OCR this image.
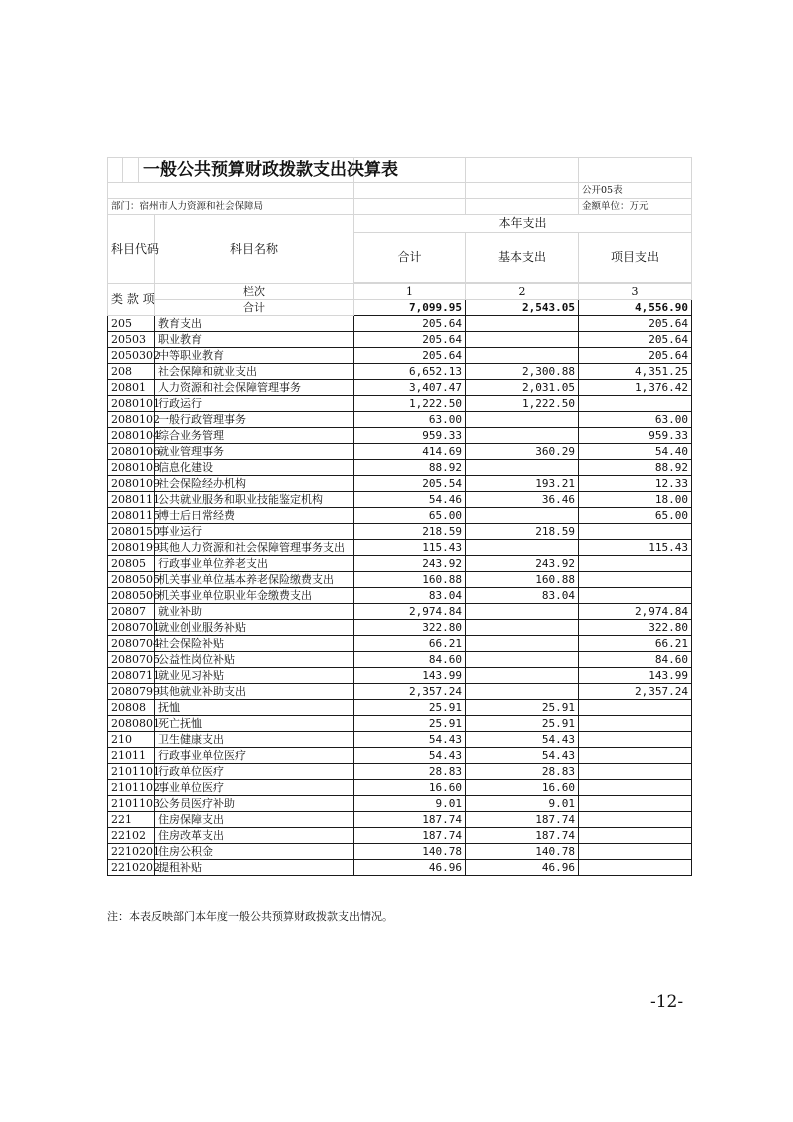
		一般公共预算财政拨款支出决算表				
						公开05表
部门：宿州市人力资源和社会保障局						金额单位：万元
科目代码			科目名称	本年支出		
				合计	基本支出	项目支出

类 款 项			栏次	1	2	3
			合计	7,099.95	2,543.05	4,556.90
205			教育支出	205.64		205.64
20503			职业教育	205.64		205.64
2050302			中等职业教育	205.64		205.64
208			社会保障和就业支出	6,652.13	2,300.88	4,351.25
20801			人力资源和社会保障管理事务	3,407.47	2,031.05	1,376.42
2080101			行政运行	1,222.50	1,222.50	
2080102			一般行政管理事务	63.00		63.00
2080104			综合业务管理	959.33		959.33
2080106			就业管理事务	414.69	360.29	54.40
2080108			信息化建设	88.92		88.92
2080109			社会保险经办机构	205.54	193.21	12.33
2080111			公共就业服务和职业技能鉴定机构	54.46	36.46	18.00
2080115			博士后日常经费	65.00		65.00
2080150			事业运行	218.59	218.59	
2080199			其他人力资源和社会保障管理事务支出	115.43		115.43
20805			行政事业单位养老支出	243.92	243.92	
2080505			机关事业单位基本养老保险缴费支出	160.88	160.88	
2080506			机关事业单位职业年金缴费支出	83.04	83.04	
20807			就业补助	2,974.84		2,974.84
2080701			就业创业服务补贴	322.80		322.80
2080704			社会保险补贴	66.21		66.21
2080705			公益性岗位补贴	84.60		84.60
2080711			就业见习补贴	143.99		143.99
2080799			其他就业补助支出	2,357.24		2,357.24
20808			抚恤	25.91	25.91	
2080801			死亡抚恤	25.91	25.91	
210			卫生健康支出	54.43	54.43	
21011			行政事业单位医疗	54.43	54.43	
2101101			行政单位医疗	28.83	28.83	
2101102			事业单位医疗	16.60	16.60	
2101103			公务员医疗补助	9.01	9.01	
221			住房保障支出	187.74	187.74	
22102			住房改革支出	187.74	187.74	
2210201			住房公积金	140.78	140.78	
2210202			提租补贴	46.96	46.96	
注：本表反映部门本年度一般公共预算财政拨款支出情况。
-12-
